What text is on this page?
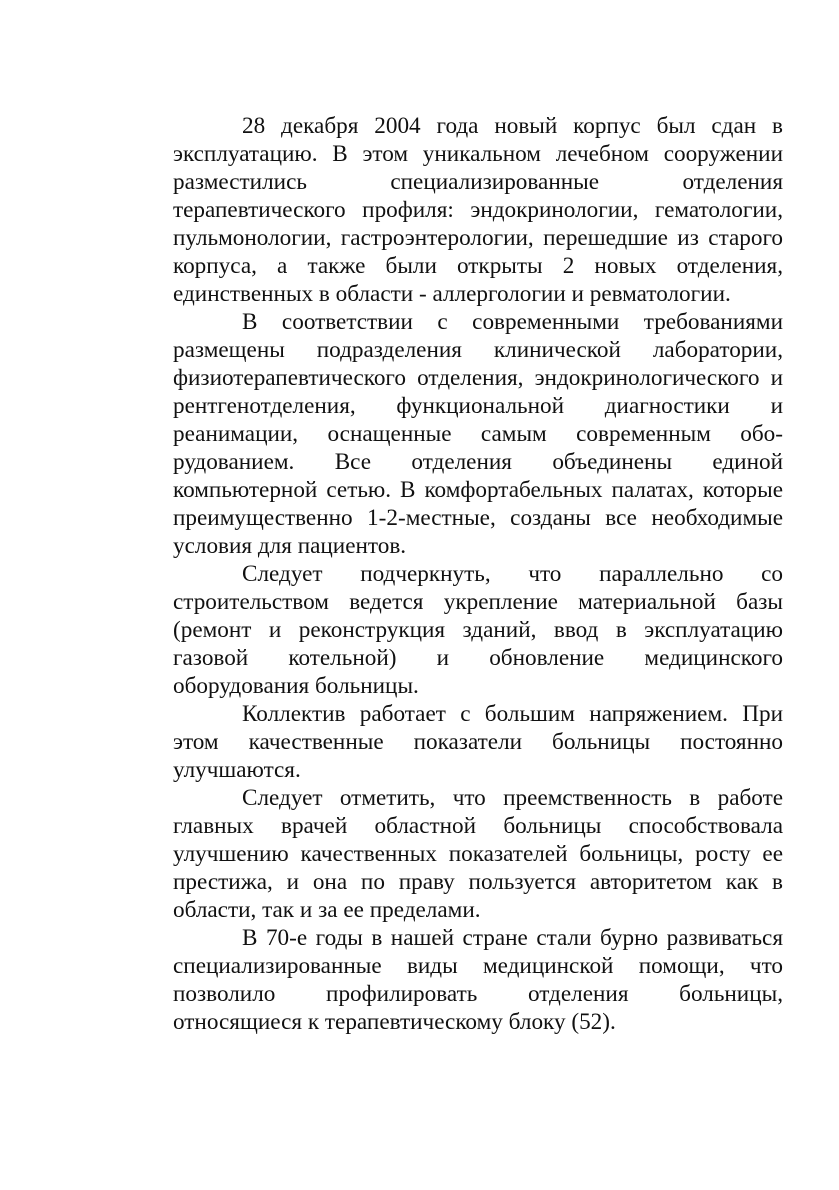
28 декабря 2004 года новый корпус был сдан в эксплуатацию. В этом уникальном лечебном сооружении разместились специализированные отделения терапевтического профиля: эндокринологии, гематологии, пульмонологии, гастроэнтерологии, перешедшие из старого корпуса, а также были открыты 2 новых отделения, единственных в области - аллергологии и ревматологии.

В соответствии с современными требованиями размещены подразделения клинической лаборатории, физиотерапевтического отделения, эндокринологического и рентгенотделения, функциональной диагностики и реанимации, оснащенные самым современным оборудованием. Все отделения объединены единой компьютерной сетью. В комфортабельных палатах, которые преимущественно 1-2-местные, созданы все необходимые условия для пациентов.

Следует подчеркнуть, что параллельно со строительством ведется укрепление материальной базы (ремонт и реконструкция зданий, ввод в эксплуатацию газовой котельной) и обновление медицинского оборудования больницы.

Коллектив работает с большим напряжением. При этом качественные показатели больницы постоянно улучшаются.

Следует отметить, что преемственность в работе главных врачей областной больницы способствовала улучшению качественных показателей больницы, росту ее престижа, и она по праву пользуется авторитетом как в области, так и за ее пределами.

В 70-е годы в нашей стране стали бурно развиваться специализированные виды медицинской помощи, что позволило профилировать отделения больницы, относящиеся к терапевтическому блоку (52).
